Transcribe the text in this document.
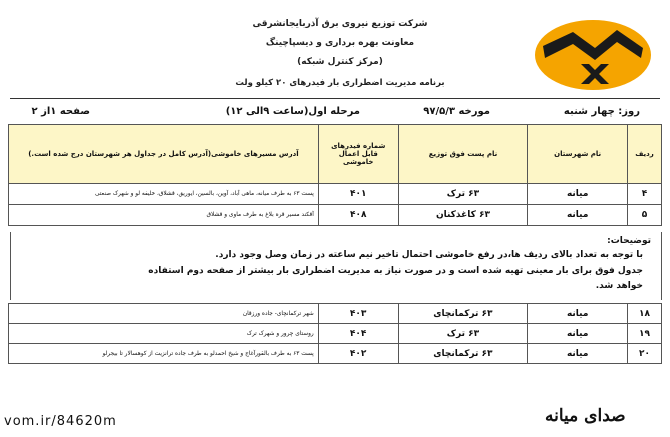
شرکت توزیع نیروی برق آذربایجانشرقی
معاونت بهره برداری و دیسپاچینگ
(مرکز کنترل شبکه)
برنامه مدیریت اضطراری بار فیدرهای ۲۰ کیلو ولت
روز: چهار شنبه
مورخه ۹۷/۵/۳
مرحله اول(ساعت ۹الی ۱۲)
صفحه ۱از ۲
ردیف	نام شهرستان	نام پست فوق توزیع	شماره فیدرهای قابل اعمال خاموشی	آدرس مسیرهای خاموشی(آدرس کامل در جداول هر شهرستان درج شده است.)
۴	میانه	۶۳ ترک	۴۰۱	پست ۶۳ به طرف میانه، ماهی آباد، آوین، بالسین، ایوریق، قشلاق، خلیفه لو و شهرک صنعتی
۵	میانه	۶۳ کاغذکنان	۴۰۸	آقکند مسیر قره بلاغ به طرف ماوی و قشلاق
توضیحات:
با توجه به تعداد بالای ردیف ها،در رفع خاموشی احتمال تاخیر نیم ساعته در زمان وصل وجود دارد.
جدول فوق برای بار معینی تهیه شده است و در صورت نیاز به مدیریت اضطراری بار بیشتر از صفحه دوم استفاده
خواهد شد.
۱۸	میانه	۶۳ ترکمانچای	۴۰۳	شهر ترکمانچای- جاده ورزقان
۱۹	میانه	۶۳ ترک	۴۰۴	روستای چرور و شهرک ترک
۲۰	میانه	۶۳ ترکمانچای	۴۰۲	پست ۶۳ به طرف بالقورآغاج و شیخ احمدلو به طرف جاده ترانزیت از کوهسالار تا بیجرلو
vom.ir/84620m	صدای میانه
